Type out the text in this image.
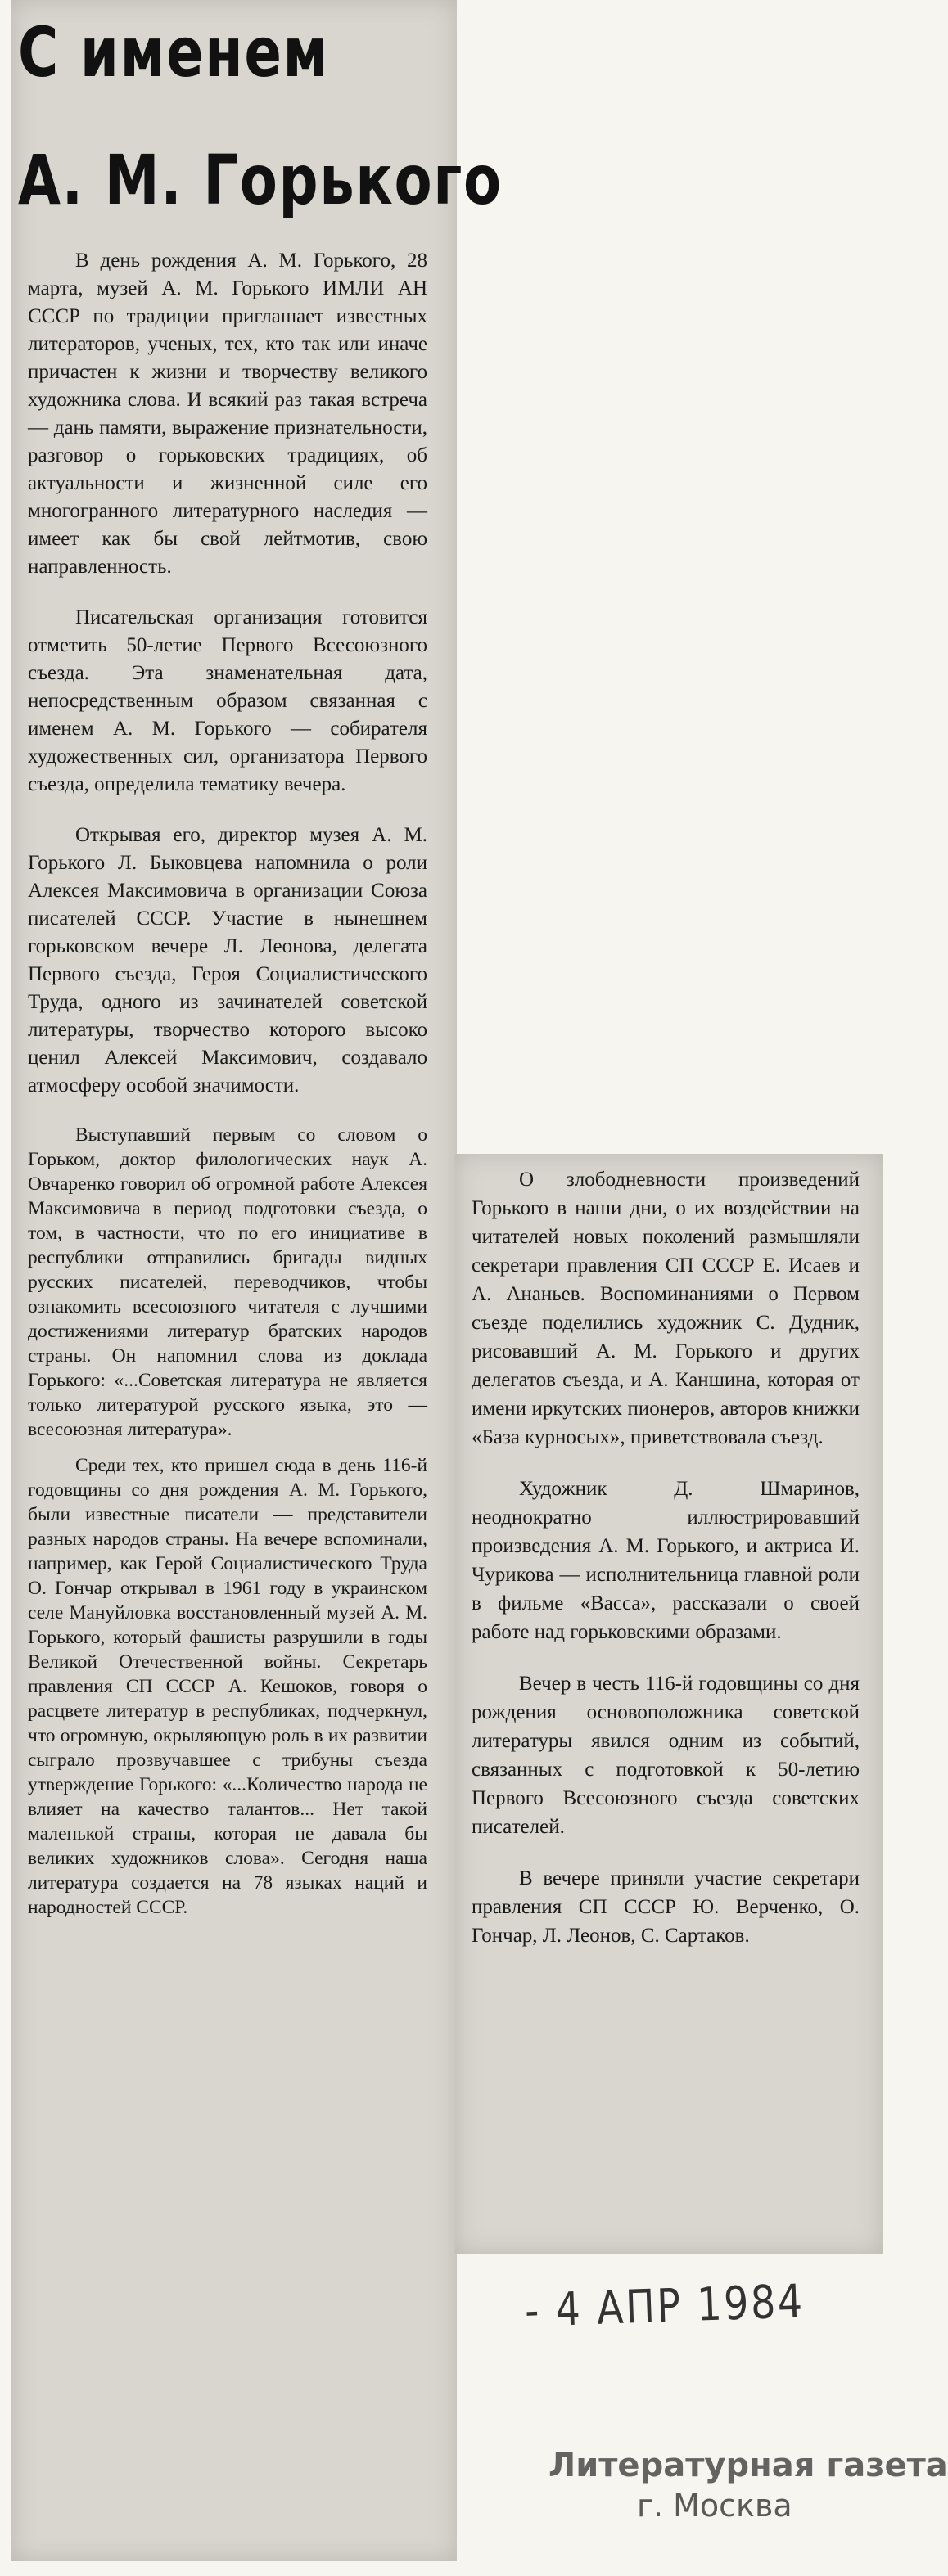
С именем
А. М. Горького

В день рождения А. М. Горького, 28 марта, музей А. М. Горького ИМЛИ АН СССР по традиции приглашает известных литераторов, ученых, тех, кто так или иначе причастен к жизни и творчеству великого художника слова. И всякий раз такая встреча — дань памяти, выражение признательности, разговор о горьковских традициях, об актуальности и жизненной силе его многогранного литературного наследия — имеет как бы свой лейтмотив, свою направленность.

Писательская организация готовится отметить 50-летие Первого Всесоюзного съезда. Эта знаменательная дата, непосредственным образом связанная с именем А. М. Горького — собирателя художественных сил, организатора Первого съезда, определила тематику вечера.

Открывая его, директор музея А. М. Горького Л. Быковцева напомнила о роли Алексея Максимовича в организации Союза писателей СССР. Участие в нынешнем горьковском вечере Л. Леонова, делегата Первого съезда, Героя Социалистического Труда, одного из зачинателей советской литературы, творчество которого высоко ценил Алексей Максимович, создавало атмосферу особой значимости.

Выступавший первым со словом о Горьком, доктор филологических наук А. Овчаренко говорил об огромной работе Алексея Максимовича в период подготовки съезда, о том, в частности, что по его инициативе в республики отправились бригады видных русских писателей, переводчиков, чтобы ознакомить всесоюзного читателя с лучшими достижениями литератур братских народов страны. Он напомнил слова из доклада Горького: «...Советская литература не является только литературой русского языка, это — всесоюзная литература».

Среди тех, кто пришел сюда в день 116-й годовщины со дня рождения А. М. Горького, были известные писатели — представители разных народов страны. На вечере вспоминали, например, как Герой Социалистического Труда О. Гончар открывал в 1961 году в украинском селе Мануйловка восстановленный музей А. М. Горького, который фашисты разрушили в годы Великой Отечественной войны. Секретарь правления СП СССР А. Кешоков, говоря о расцвете литератур в республиках, подчеркнул, что огромную, окрыляющую роль в их развитии сыграло прозвучавшее с трибуны съезда утверждение Горького: «...Количество народа не влияет на качество талантов... Нет такой маленькой страны, которая не давала бы великих художников слова». Сегодня наша литература создается на 78 языках наций и народностей СССР.

О злободневности произведений Горького в наши дни, о их воздействии на читателей новых поколений размышляли секретари правления СП СССР Е. Исаев и А. Ананьев. Воспоминаниями о Первом съезде поделились художник С. Дудник, рисовавший А. М. Горького и других делегатов съезда, и А. Каншина, которая от имени иркутских пионеров, авторов книжки «База курносых», приветствовала съезд.

Художник Д. Шмаринов, неоднократно иллюстрировавший произведения А. М. Горького, и актриса И. Чурикова — исполнительница главной роли в фильме «Васса», рассказали о своей работе над горьковскими образами.

Вечер в честь 116-й годовщины со дня рождения основоположника советской литературы явился одним из событий, связанных с подготовкой к 50-летию Первого Всесоюзного съезда советских писателей.

В вечере приняли участие секретари правления СП СССР Ю. Верченко, О. Гончар, Л. Леонов, С. Сартаков.

- 4 АПР 1984
Литературная газета
г. Москва
